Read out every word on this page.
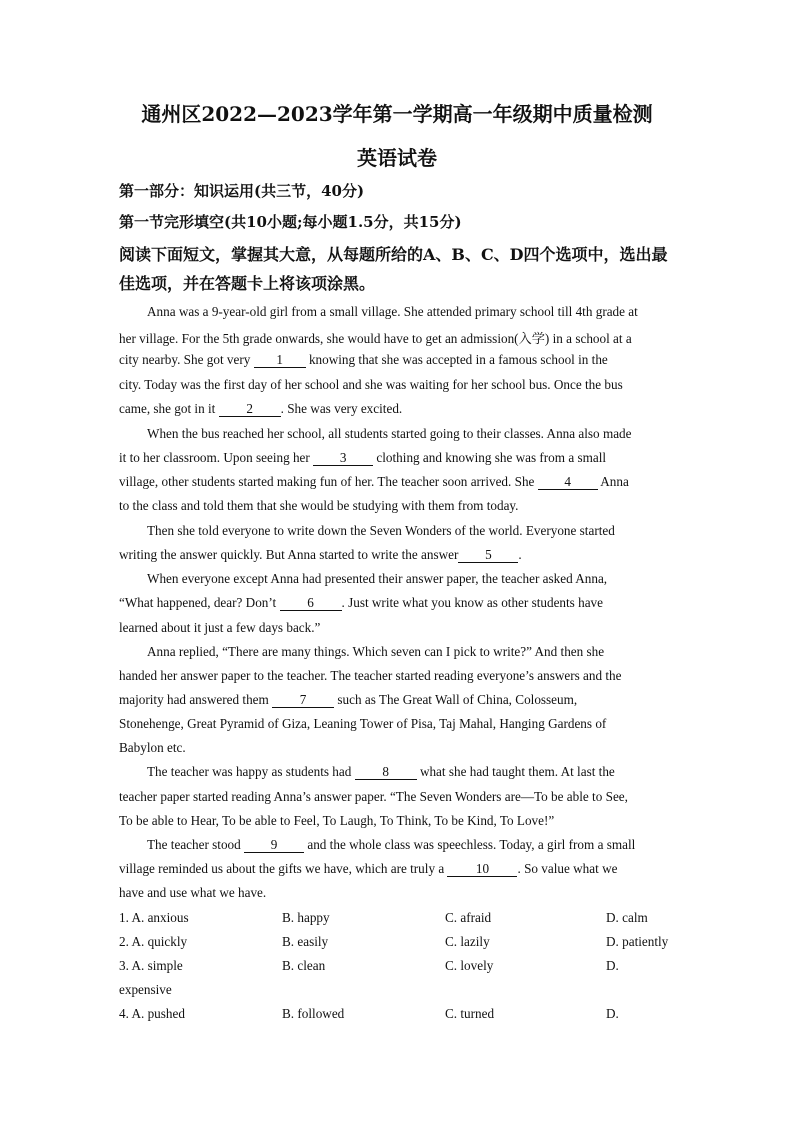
通州区2022—2023学年第一学期高一年级期中质量检测
英语试卷
第一部分：知识运用(共三节，40分)
第一节完形填空(共10小题;每小题1.5分，共15分)
阅读下面短文，掌握其大意，从每题所给的A、B、C、D四个选项中，选出最佳选项，并在答题卡上将该项涂黑。
Anna was a 9-year-old girl from a small village. She attended primary school till 4th grade at
her village. For the 5th grade onwards, she would have to get an admission(入学) in a school at a
city nearby. She got very 1 knowing that she was accepted in a famous school in the
city. Today was the first day of her school and she was waiting for her school bus. Once the bus
came, she got in it 2 . She was very excited.
When the bus reached her school, all students started going to their classes. Anna also made
it to her classroom. Upon seeing her 3 clothing and knowing she was from a small
village, other students started making fun of her. The teacher soon arrived. She 4 Anna
to the class and told them that she would be studying with them from today.
Then she told everyone to write down the Seven Wonders of the world. Everyone started
writing the answer quickly. But Anna started to write the answer 5 .
When everyone except Anna had presented their answer paper, the teacher asked Anna,
“What happened, dear? Don’t 6 . Just write what you know as other students have
learned about it just a few days back.”
Anna replied, “There are many things. Which seven can I pick to write?” And then she
handed her answer paper to the teacher. The teacher started reading everyone’s answers and the
majority had answered them 7 such as The Great Wall of China, Colosseum,
Stonehenge, Great Pyramid of Giza, Leaning Tower of Pisa, Taj Mahal, Hanging Gardens of
Babylon etc.
The teacher was happy as students had 8 what she had taught them. At last the
teacher paper started reading Anna’s answer paper. “The Seven Wonders are—To be able to See,
To be able to Hear, To be able to Feel, To Laugh, To Think, To be Kind, To Love!”
The teacher stood 9 and the whole class was speechless. Today, a girl from a small
village reminded us about the gifts we have, which are truly a 10 . So value what we
have and use what we have.
1. A. anxious	B. happy	C. afraid	D. calm
2. A. quickly	B. easily	C. lazily	D. patiently
3. A. simple	B. clean	C. lovely	D.
expensive
4. A. pushed	B. followed	C. turned	D.
